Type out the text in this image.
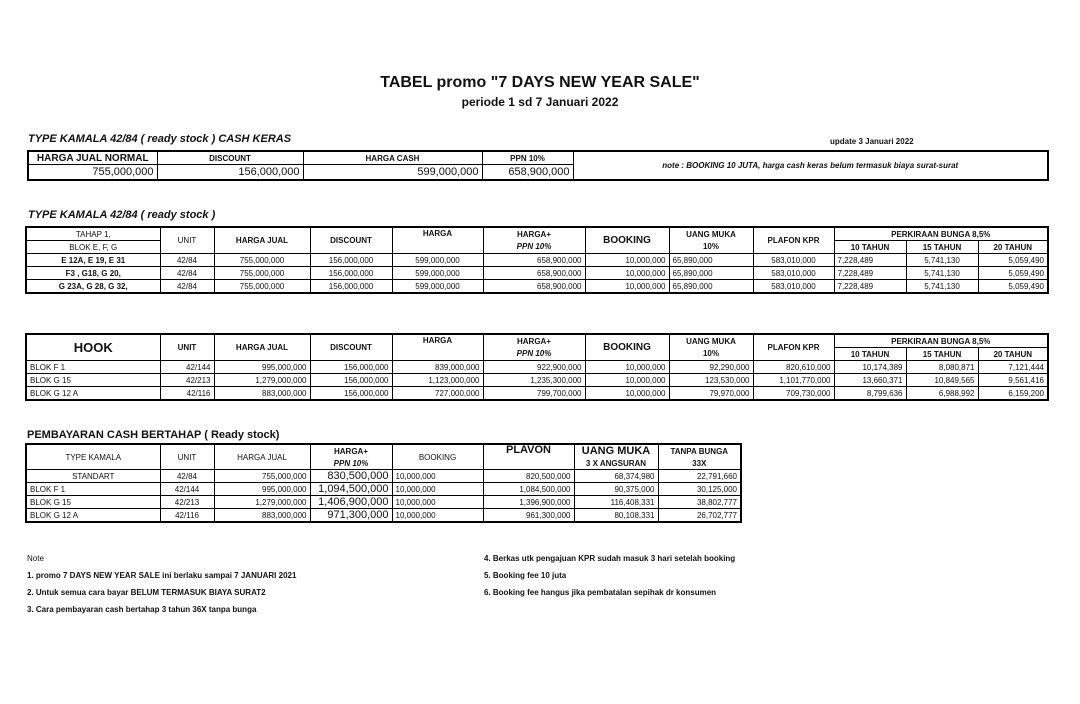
TABEL promo "7 DAYS NEW YEAR SALE"
periode 1 sd 7 Januari 2022
TYPE KAMALA 42/84 ( ready stock ) CASH KERAS	update 3 Januari 2022
HARGA JUAL NORMAL	DISCOUNT	HARGA CASH	PPN 10%	note : BOOKING 10 JUTA, harga cash keras belum termasuk biaya surat-surat
755,000,000	156,000,000	599,000,000	658,900,000	
TYPE KAMALA 42/84 ( ready stock )
TAHAP 1,	UNIT	HARGA JUAL	DISCOUNT	HARGA	HARGA+	BOOKING	UANG MUKA	PLAFON KPR	PERKIRAAN BUNGA 8,5%		
BLOK E, F, G					PPN 10%		10%		10 TAHUN	15 TAHUN	20 TAHUN
E 12A, E 19, E 31	42/84	755,000,000	156,000,000	599,000,000	658,900,000	10,000,000	65,890,000	583,010,000	7,228,489	5,741,130	5,059,490
F3 , G18, G 20,	42/84	755,000,000	156,000,000	599,000,000	658,900,000	10,000,000	65,890,000	583,010,000	7,228,489	5,741,130	5,059,490
G 23A, G 28, G 32,	42/84	755,000,000	156,000,000	599,000,000	658,900,000	10,000,000	65,890,000	583,010,000	7,228,489	5,741,130	5,059,490
HOOK	UNIT	HARGA JUAL	DISCOUNT	HARGA	HARGA+	BOOKING	UANG MUKA	PLAFON KPR	PERKIRAAN BUNGA 8,5%		
					PPN 10%		10%		10 TAHUN	15 TAHUN	20 TAHUN
BLOK F 1	42/144	995,000,000	156,000,000	839,000,000	922,900,000	10,000,000	92,290,000	820,610,000	10,174,389	8,080,871	7,121,444
BLOK G 15	42/213	1,279,000,000	156,000,000	1,123,000,000	1,235,300,000	10,000,000	123,530,000	1,101,770,000	13,660,371	10,849,565	9,561,416
BLOK G 12 A	42/116	883,000,000	156,000,000	727,000,000	799,700,000	10,000,000	79,970,000	709,730,000	8,799,636	6,988,992	6,159,200
PEMBAYARAN CASH BERTAHAP ( Ready stock)
TYPE KAMALA	UNIT	HARGA JUAL	HARGA+	BOOKING	PLAVON	UANG MUKA	TANPA BUNGA
			PPN 10%			3 X ANGSURAN	33X
STANDART	42/84	755,000,000	830,500,000	10,000,000	820,500,000	68,374,980	22,791,660
BLOK F 1	42/144	995,000,000	1,094,500,000	10,000,000	1,084,500,000	90,375,000	30,125,000
BLOK G 15	42/213	1,279,000,000	1,406,900,000	10,000,000	1,396,900,000	116,408,331	38,802,777
BLOK G 12 A	42/116	883,000,000	971,300,000	10,000,000	961,300,000	80,108,331	26,702,777
Note
1. promo 7 DAYS NEW YEAR SALE ini berlaku sampai 7 JANUARI 2021
2. Untuk semua cara bayar BELUM TERMASUK BIAYA SURAT2
3. Cara pembayaran cash bertahap 3 tahun 36X tanpa bunga
4. Berkas utk pengajuan KPR sudah masuk 3 hari setelah booking
5. Booking fee 10 juta
6. Booking fee hangus jika pembatalan sepihak dr konsumen
